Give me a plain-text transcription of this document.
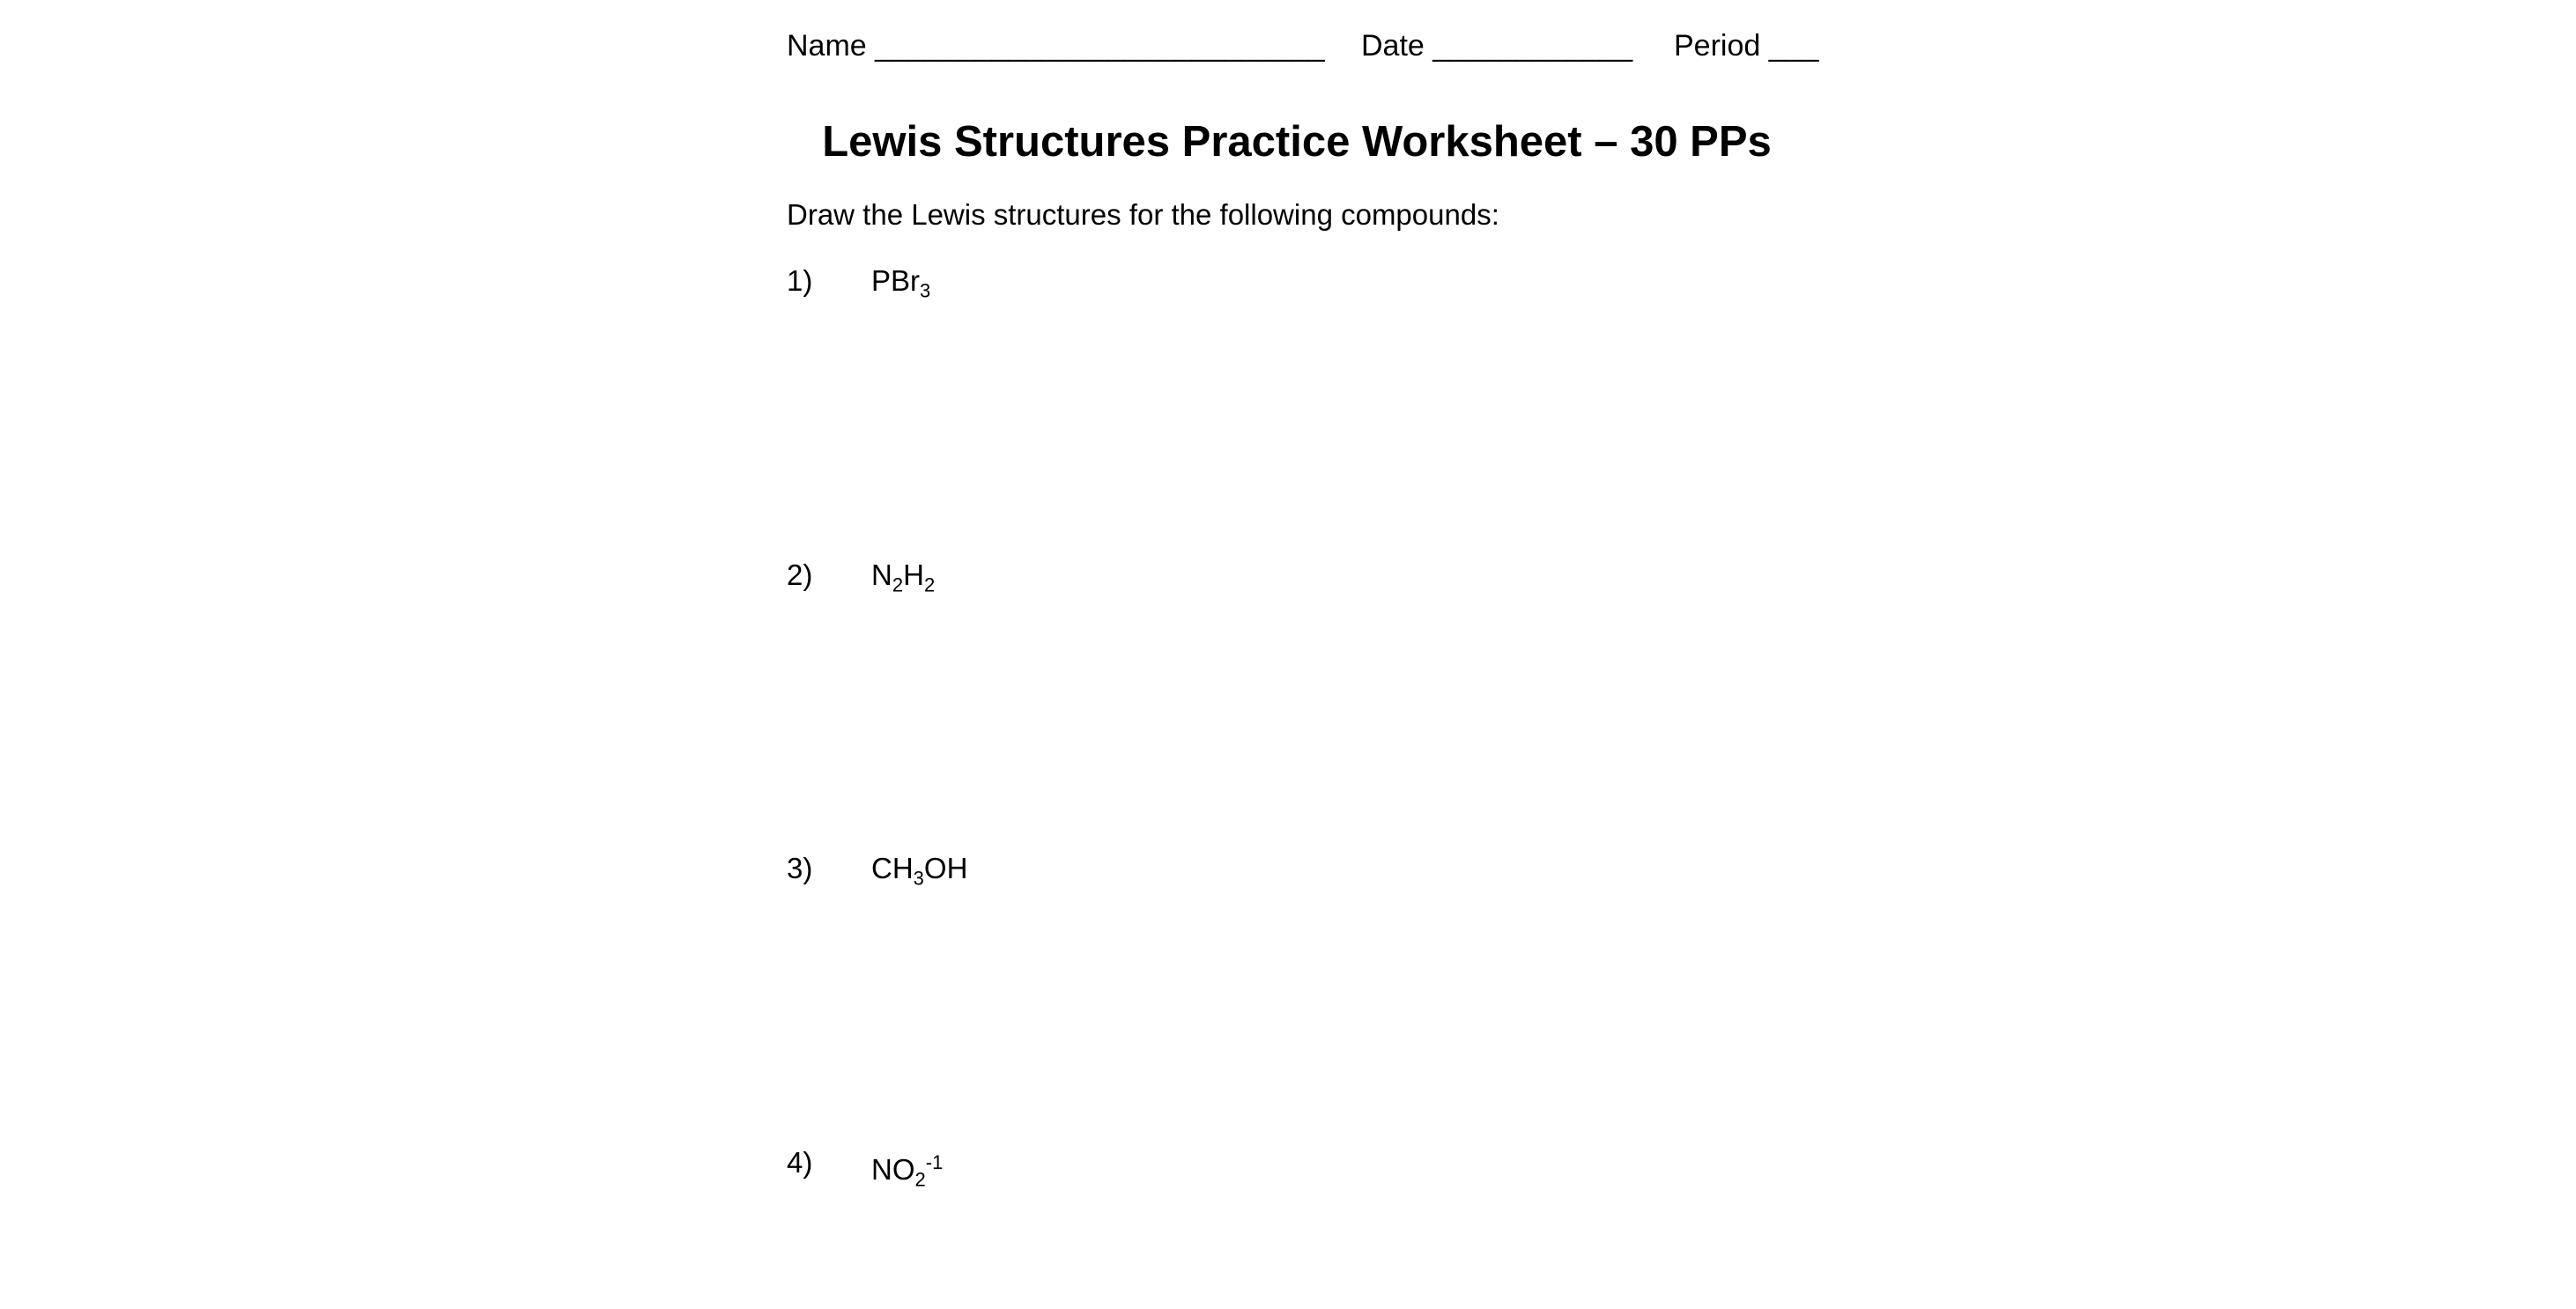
Name ___________________________ Date ____________ Period ___
Lewis Structures Practice Worksheet – 30 PPs
Draw the Lewis structures for the following compounds:
1) PBr$_3$
2) $N_2H_2$
3) $CH_3OH$
4) $NO_2^{-1}$
